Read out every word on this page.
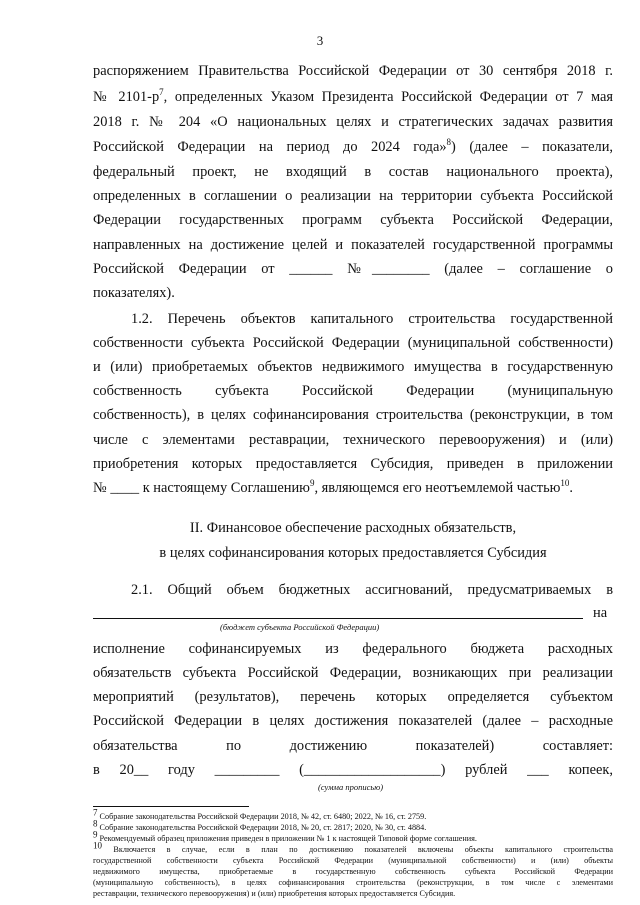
3
распоряжением Правительства Российской Федерации от 30 сентября 2018 г.
№ $2101-р^7$, определенных Указом Президента Российской Федерации от 7 мая
2018 г. № 204 «О национальных целях и стратегических задачах развития
Российской Федерации на период до 2024 года»$^8$) (далее – показатели,
федеральный проект, не входящий в состав национального проекта),
определенных в соглашении о реализации на территории субъекта Российской
Федерации государственных программ субъекта Российской Федерации,
направленных на достижение целей и показателей государственной программы
Российской Федерации от ______ №________ (далее – соглашение о
показателях).
1.2. Перечень объектов капитального строительства государственной
собственности субъекта Российской Федерации (муниципальной собственности)
и (или) приобретаемых объектов недвижимого имущества в государственную
собственность субъекта Российской Федерации (муниципальную
собственность), в целях софинансирования строительства (реконструкции, в том
числе с элементами реставрации, технического перевооружения) и (или)
приобретения которых предоставляется Субсидия, приведен в приложении
№ ____ к настоящему Соглашению$^9$, являющемся его неотъемлемой частью$^{10}$.
II. Финансовое обеспечение расходных обязательств,
в целях софинансирования которых предоставляется Субсидия
2.1. Общий объем бюджетных ассигнований, предусматриваемых в
на
(бюджет субъекта Российской Федерации)
исполнение софинансируемых из федерального бюджета расходных
обязательств субъекта Российской Федерации, возникающих при реализации
мероприятий (результатов), перечень которых определяется субъектом
Российской Федерации в целях достижения показателей (далее – расходные
обязательства по достижению показателей) составляет:
в 20__ году _________ (___________________) рублей ___ копеек,
(сумма прописью)
$^7$ Собрание законодательства Российской Федерации 2018, № 42, ст. 6480; 2022, № 16, ст. 2759.
$^8$ Собрание законодательства Российской Федерации 2018, № 20, ст. 2817; 2020, № 30, ст. 4884.
$^9$ Рекомендуемый образец приложения приведен в приложении № 1 к настоящей Типовой форме соглашения.
$^{10}$ Включается в случае, если в план по достижению показателей включены объекты капитального строительства
государственной собственности субъекта Российской Федерации (муниципальной собственности) и (или) объекты
недвижимого имущества, приобретаемые в государственную собственность субъекта Российской Федерации
(муниципальную собственность), в целях софинансирования строительства (реконструкции, в том числе с элементами
реставрации, технического перевооружения) и (или) приобретения которых предоставляется Субсидия.
